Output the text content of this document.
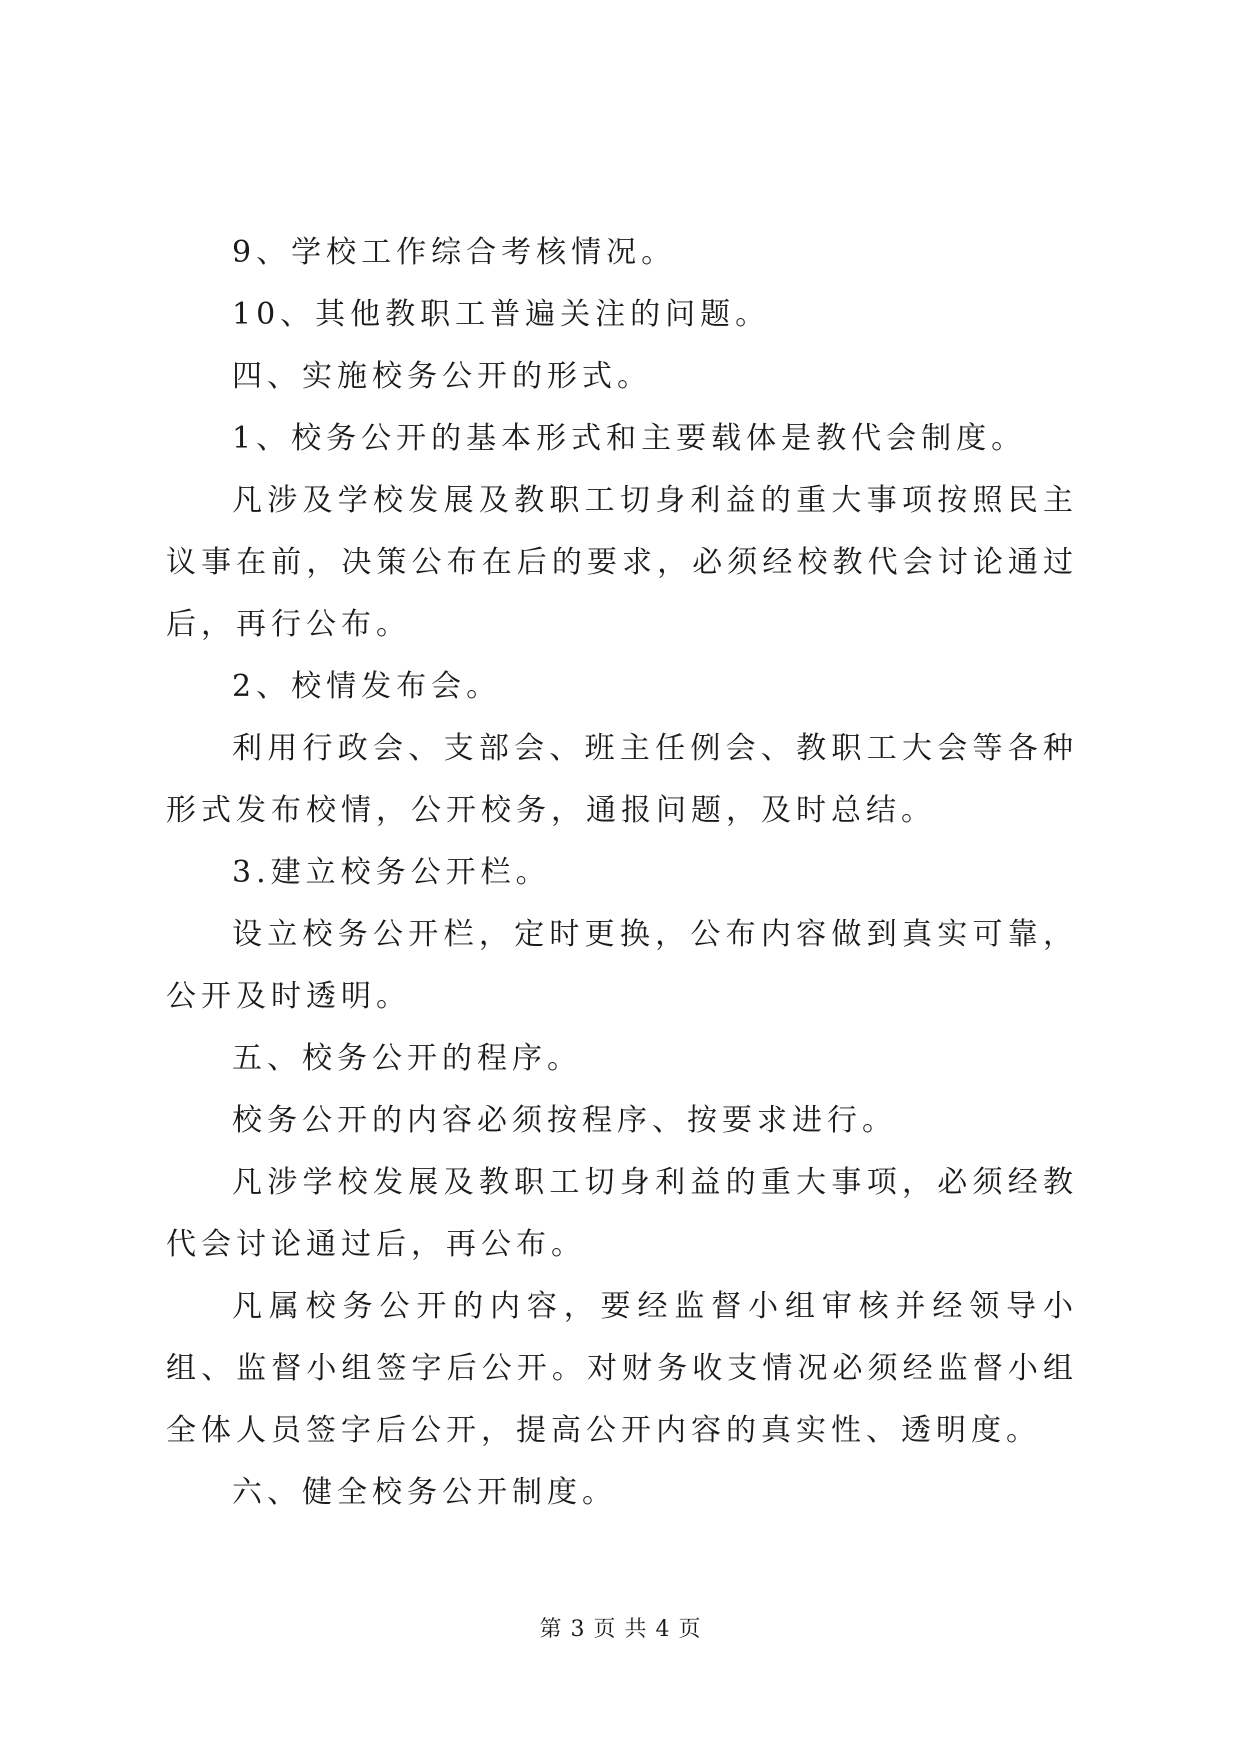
9、学校工作综合考核情况。

10、其他教职工普遍关注的问题。

四、实施校务公开的形式。

1、校务公开的基本形式和主要载体是教代会制度。

凡涉及学校发展及教职工切身利益的重大事项按照民主议事在前，决策公布在后的要求，必须经校教代会讨论通过后，再行公布。

2、校情发布会。

利用行政会、支部会、班主任例会、教职工大会等各种形式发布校情，公开校务，通报问题，及时总结。

3.建立校务公开栏。

设立校务公开栏，定时更换，公布内容做到真实可靠，公开及时透明。

五、校务公开的程序。

校务公开的内容必须按程序、按要求进行。

凡涉学校发展及教职工切身利益的重大事项，必须经教代会讨论通过后，再公布。

凡属校务公开的内容，要经监督小组审核并经领导小组、监督小组签字后公开。对财务收支情况必须经监督小组全体人员签字后公开，提高公开内容的真实性、透明度。

六、健全校务公开制度。

第 3 页 共 4 页
